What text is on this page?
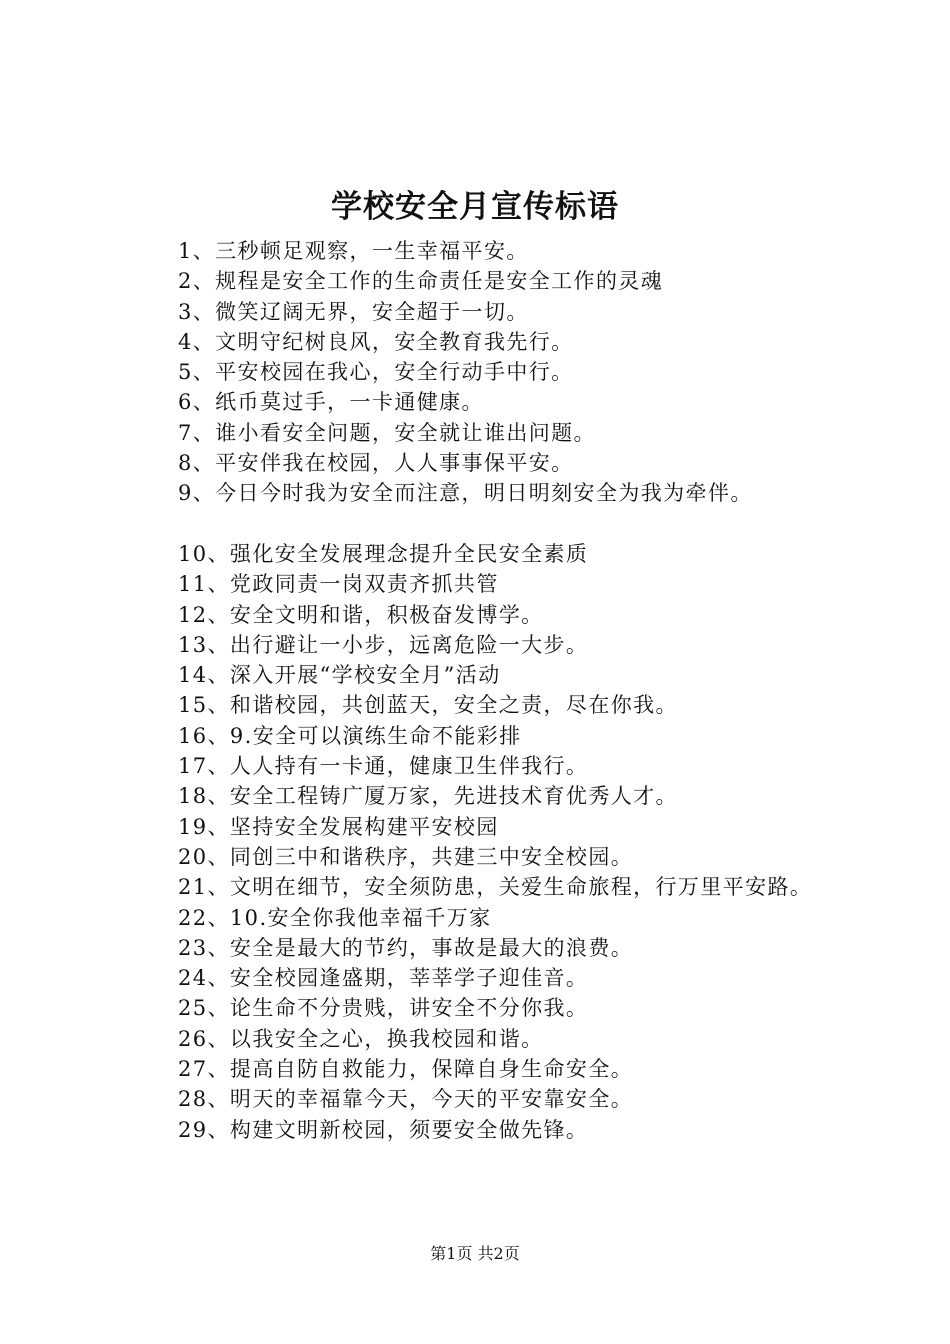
学校安全月宣传标语
1、三秒顿足观察，一生幸福平安。
2、规程是安全工作的生命责任是安全工作的灵魂
3、微笑辽阔无界，安全超于一切。
4、文明守纪树良风，安全教育我先行。
5、平安校园在我心，安全行动手中行。
6、纸币莫过手，一卡通健康。
7、谁小看安全问题，安全就让谁出问题。
8、平安伴我在校园，人人事事保平安。
9、今日今时我为安全而注意，明日明刻安全为我为牵伴。
10、强化安全发展理念提升全民安全素质
11、党政同责一岗双责齐抓共管
12、安全文明和谐，积极奋发博学。
13、出行避让一小步，远离危险一大步。
14、深入开展“学校安全月”活动
15、和谐校园，共创蓝天，安全之责，尽在你我。
16、9.安全可以演练生命不能彩排
17、人人持有一卡通，健康卫生伴我行。
18、安全工程铸广厦万家，先进技术育优秀人才。
19、坚持安全发展构建平安校园
20、同创三中和谐秩序，共建三中安全校园。
21、文明在细节，安全须防患，关爱生命旅程，行万里平安路。
22、10.安全你我他幸福千万家
23、安全是最大的节约，事故是最大的浪费。
24、安全校园逢盛期，莘莘学子迎佳音。
25、论生命不分贵贱，讲安全不分你我。
26、以我安全之心，换我校园和谐。
27、提高自防自救能力，保障自身生命安全。
28、明天的幸福靠今天，今天的平安靠安全。
29、构建文明新校园，须要安全做先锋。
第1页 共2页
